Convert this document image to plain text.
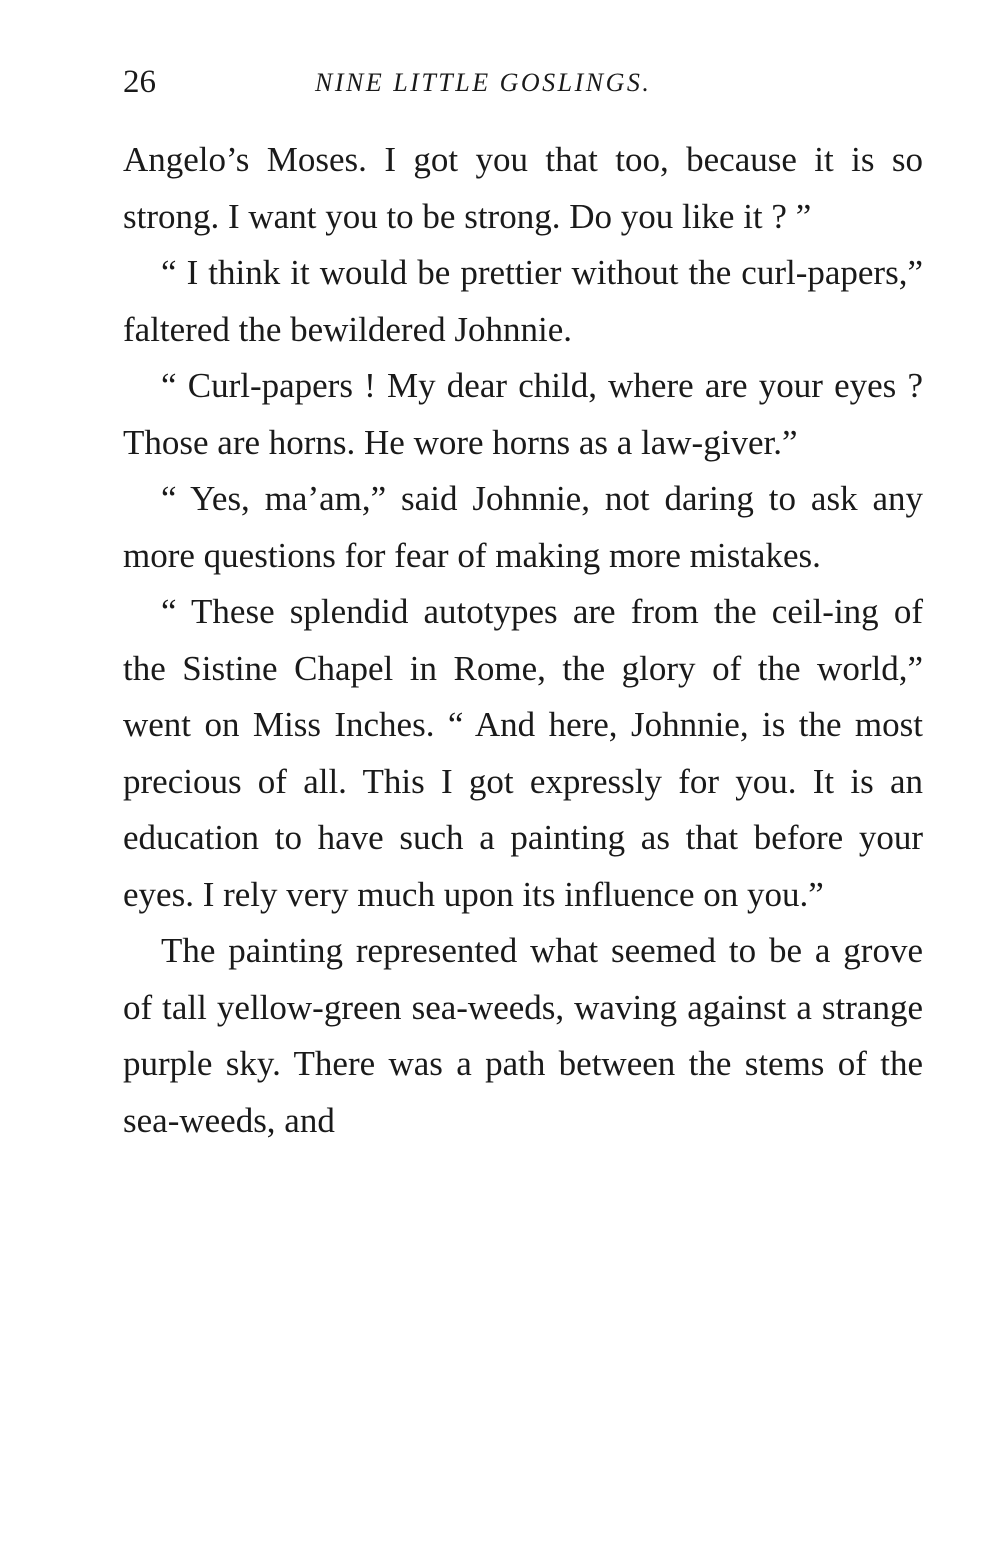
26	NINE LITTLE GOSLINGS.

Angelo’s Moses. I got you that too, because it is so strong. I want you to be strong. Do you like it ? ”

“ I think it would be prettier without the curl-papers,” faltered the bewildered Johnnie.

“ Curl-papers ! My dear child, where are your eyes ? Those are horns. He wore horns as a law-giver.”

“ Yes, ma’am,” said Johnnie, not daring to ask any more questions for fear of making more mistakes.

“ These splendid autotypes are from the ceil-ing of the Sistine Chapel in Rome, the glory of the world,” went on Miss Inches. “ And here, Johnnie, is the most precious of all. This I got expressly for you. It is an education to have such a painting as that before your eyes. I rely very much upon its influence on you.”

The painting represented what seemed to be a grove of tall yellow-green sea-weeds, waving against a strange purple sky. There was a path between the stems of the sea-weeds, and
